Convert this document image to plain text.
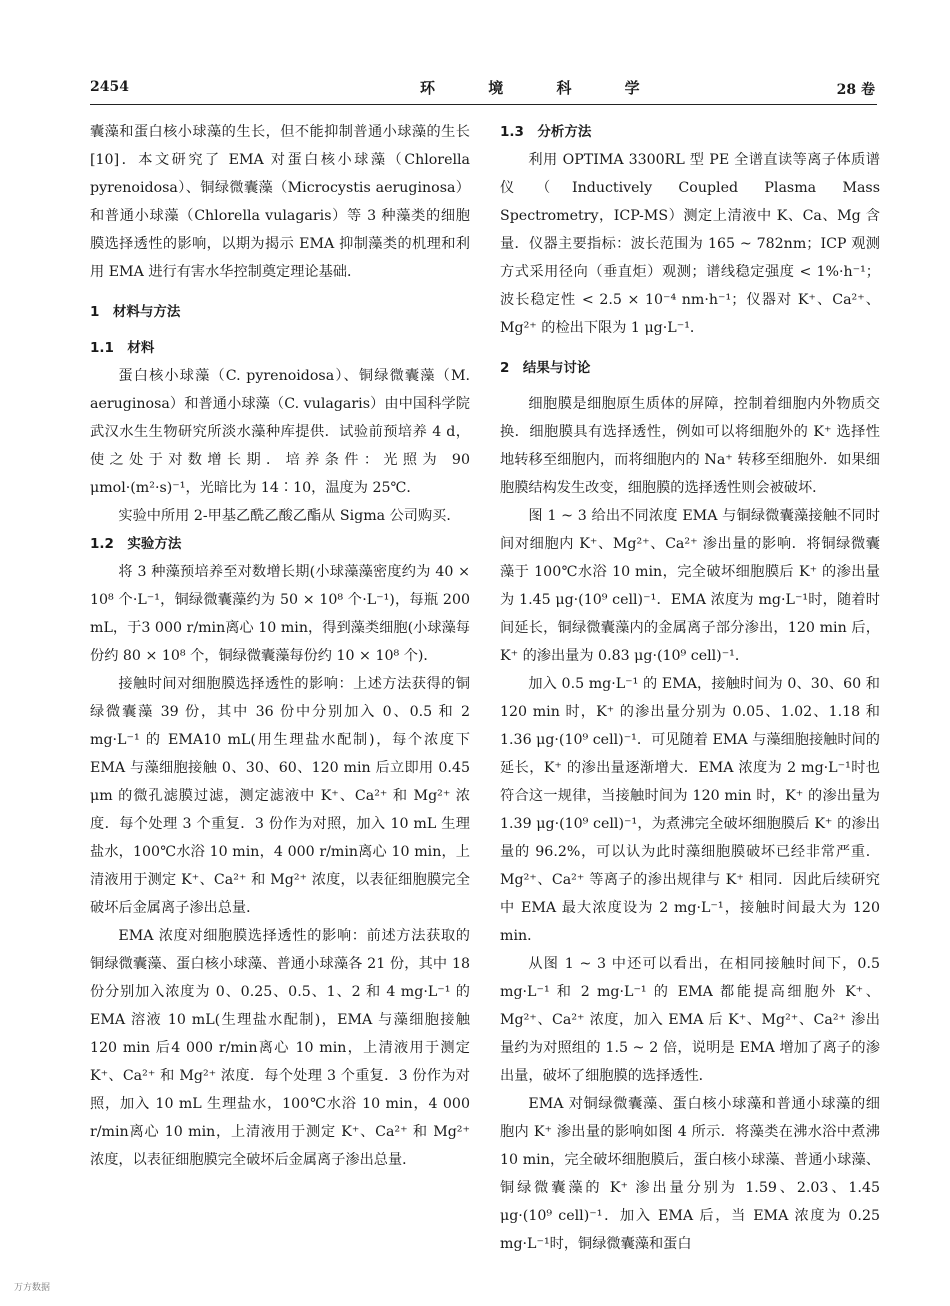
2454	环 境 科 学	28 卷

囊藻和蛋白核小球藻的生长，但不能抑制普通小球藻的生长[10]．本文研究了 EMA 对蛋白核小球藻（Chlorella pyrenoidosa）、铜绿微囊藻（Microcystis aeruginosa）和普通小球藻（Chlorella vulagaris）等 3 种藻类的细胞膜选择透性的影响，以期为揭示 EMA 抑制藻类的机理和利用 EMA 进行有害水华控制奠定理论基础．

1　材料与方法

1.1　材料

蛋白核小球藻（C. pyrenoidosa）、铜绿微囊藻（M. aeruginosa）和普通小球藻（C. vulagaris）由中国科学院武汉水生生物研究所淡水藻种库提供．试验前预培养 4 d，使之处于对数增长期．培养条件：光照为 90 μmol·(m²·s)⁻¹，光暗比为 14∶10，温度为 25℃．

实验中所用 2-甲基乙酰乙酸乙酯从 Sigma 公司购买．

1.2　实验方法

将 3 种藻预培养至对数增长期(小球藻藻密度约为 40 × 10⁸ 个·L⁻¹，铜绿微囊藻约为 50 × 10⁸ 个·L⁻¹)，每瓶 200 mL，于3 000 r/min离心 10 min，得到藻类细胞(小球藻每份约 80 × 10⁸ 个，铜绿微囊藻每份约 10 × 10⁸ 个)．

接触时间对细胞膜选择透性的影响：上述方法获得的铜绿微囊藻 39 份，其中 36 份中分别加入 0、0.5 和 2 mg·L⁻¹ 的 EMA10 mL(用生理盐水配制)，每个浓度下 EMA 与藻细胞接触 0、30、60、120 min 后立即用 0.45 μm 的微孔滤膜过滤，测定滤液中 K⁺、Ca²⁺ 和 Mg²⁺ 浓度．每个处理 3 个重复．3 份作为对照，加入 10 mL 生理盐水，100℃水浴 10 min，4 000 r/min离心 10 min，上清液用于测定 K⁺、Ca²⁺ 和 Mg²⁺ 浓度，以表征细胞膜完全破坏后金属离子渗出总量．

EMA 浓度对细胞膜选择透性的影响：前述方法获取的铜绿微囊藻、蛋白核小球藻、普通小球藻各 21 份，其中 18 份分别加入浓度为 0、0.25、0.5、1、2 和 4 mg·L⁻¹ 的 EMA 溶液 10 mL(生理盐水配制)，EMA 与藻细胞接触 120 min 后4 000 r/min离心 10 min，上清液用于测定 K⁺、Ca²⁺ 和 Mg²⁺ 浓度．每个处理 3 个重复．3 份作为对照，加入 10 mL 生理盐水，100℃水浴 10 min，4 000 r/min离心 10 min，上清液用于测定 K⁺、Ca²⁺ 和 Mg²⁺ 浓度，以表征细胞膜完全破坏后金属离子渗出总量．

1.3　分析方法

利用 OPTIMA 3300RL 型 PE 全谱直读等离子体质谱仪（Inductively Coupled Plasma Mass Spectrometry，ICP-MS）测定上清液中 K、Ca、Mg 含量．仪器主要指标：波长范围为 165 ~ 782nm；ICP 观测方式采用径向（垂直炬）观测；谱线稳定强度 < 1%·h⁻¹；波长稳定性 < 2.5 × 10⁻⁴ nm·h⁻¹；仪器对 K⁺、Ca²⁺、Mg²⁺ 的检出下限为 1 μg·L⁻¹．

2　结果与讨论

细胞膜是细胞原生质体的屏障，控制着细胞内外物质交换．细胞膜具有选择透性，例如可以将细胞外的 K⁺ 选择性地转移至细胞内，而将细胞内的 Na⁺ 转移至细胞外．如果细胞膜结构发生改变，细胞膜的选择透性则会被破坏．

图 1 ~ 3 给出不同浓度 EMA 与铜绿微囊藻接触不同时间对细胞内 K⁺、Mg²⁺、Ca²⁺ 渗出量的影响．将铜绿微囊藻于 100℃水浴 10 min，完全破坏细胞膜后 K⁺ 的渗出量为 1.45 μg·(10⁹ cell)⁻¹．EMA 浓度为 mg·L⁻¹时，随着时间延长，铜绿微囊藻内的金属离子部分渗出，120 min 后，K⁺ 的渗出量为 0.83 μg·(10⁹ cell)⁻¹．

加入 0.5 mg·L⁻¹ 的 EMA，接触时间为 0、30、60 和 120 min 时，K⁺ 的渗出量分别为 0.05、1.02、1.18 和 1.36 μg·(10⁹ cell)⁻¹．可见随着 EMA 与藻细胞接触时间的延长，K⁺ 的渗出量逐渐增大．EMA 浓度为 2 mg·L⁻¹时也符合这一规律，当接触时间为 120 min 时，K⁺ 的渗出量为 1.39 μg·(10⁹ cell)⁻¹，为煮沸完全破坏细胞膜后 K⁺ 的渗出量的 96.2%，可以认为此时藻细胞膜破坏已经非常严重．Mg²⁺、Ca²⁺ 等离子的渗出规律与 K⁺ 相同．因此后续研究中 EMA 最大浓度设为 2 mg·L⁻¹，接触时间最大为 120 min．

从图 1 ~ 3 中还可以看出，在相同接触时间下，0.5 mg·L⁻¹ 和 2 mg·L⁻¹ 的 EMA 都能提高细胞外 K⁺、Mg²⁺、Ca²⁺ 浓度，加入 EMA 后 K⁺、Mg²⁺、Ca²⁺ 渗出量约为对照组的 1.5 ~ 2 倍，说明是 EMA 增加了离子的渗出量，破坏了细胞膜的选择透性．

EMA 对铜绿微囊藻、蛋白核小球藻和普通小球藻的细胞内 K⁺ 渗出量的影响如图 4 所示．将藻类在沸水浴中煮沸 10 min，完全破坏细胞膜后，蛋白核小球藻、普通小球藻、铜绿微囊藻的 K⁺ 渗出量分别为 1.59、2.03、1.45 μg·(10⁹ cell)⁻¹．加入 EMA 后，当 EMA 浓度为 0.25 mg·L⁻¹时，铜绿微囊藻和蛋白

万方数据
